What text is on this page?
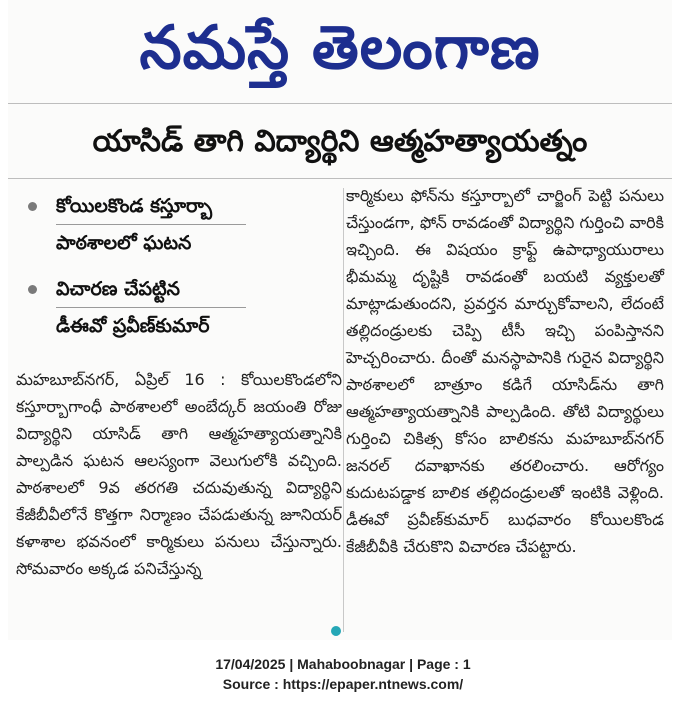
నమస్తే తెలంగాణ
యాసిడ్ తాగి విద్యార్థిని ఆత్మహత్యాయత్నం
కోయిలకొండ కస్తూర్బా
పాఠశాలలో ఘటన
విచారణ చేపట్టిన
డీఈవో ప్రవీణ్‌కుమార్
మహబూబ్‌నగర్, ఏప్రిల్ 16 : కోయిలకొండలోని కస్తూర్బాగాంధీ పాఠశాలలో అంబేద్కర్ జయంతి రోజు విద్యార్థిని యాసిడ్ తాగి ఆత్మహత్యాయత్నానికి పాల్పడిన ఘటన ఆలస్యంగా వెలుగులోకి వచ్చింది. పాఠశాలలో 9వ తరగతి చదువుతున్న విద్యార్థిని కేజీబీవీలోనే కొత్తగా నిర్మాణం చేపడుతున్న జూనియర్ కళాశాల భవనంలో కార్మికులు పనులు చేస్తున్నారు. సోమవారం అక్కడ పనిచేస్తున్న
కార్మికులు ఫోన్‌ను కస్తూర్బాలో చార్జింగ్ పెట్టి పనులు చేస్తుండగా, ఫోన్ రావడంతో విద్యార్థిని గుర్తించి వారికి ఇచ్చింది. ఈ విషయం క్రాఫ్ట్ ఉపాధ్యాయురాలు భీమమ్మ దృష్టికి రావడంతో బయటి వ్యక్తులతో మాట్లాడుతుందని, ప్రవర్తన మార్చుకోవాలని, లేదంటే తల్లిదండ్రులకు చెప్పి టీసీ ఇచ్చి పంపిస్తానని హెచ్చరించారు. దీంతో మనస్థాపానికి గురైన విద్యార్థిని పాఠశాలలో బాత్రూం కడిగే యాసిడ్‌ను తాగి ఆత్మహత్యాయత్నానికి పాల్పడింది. తోటి విద్యార్థులు గుర్తించి చికిత్స కోసం బాలికను మహబూబ్‌నగర్ జనరల్ దవాఖానకు తరలించారు. ఆరోగ్యం కుదుటపడ్డాక బాలిక తల్లిదండ్రులతో ఇంటికి వెళ్లింది. డీఈవో ప్రవీణ్‌కుమార్ బుధవారం కోయిలకొండ కేజీబీవీకి చేరుకొని విచారణ చేపట్టారు.
17/04/2025 | Mahaboobnagar | Page : 1
Source : https://epaper.ntnews.com/
